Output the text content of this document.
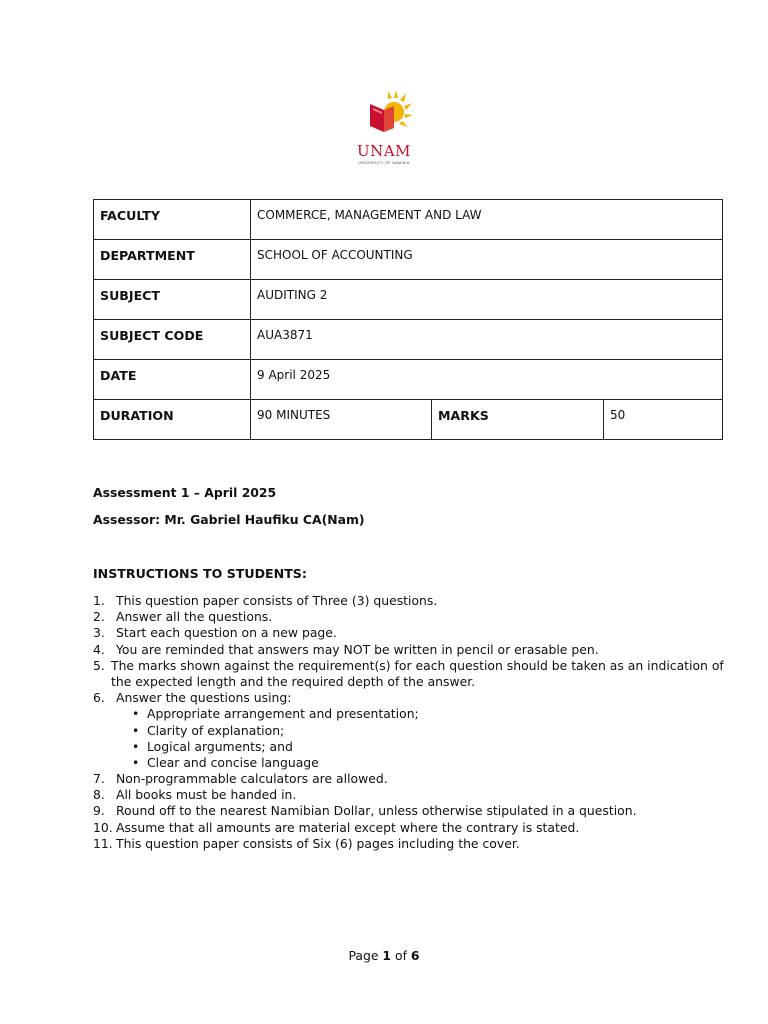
UNAM
UNIVERSITY OF NAMIBIA
FACULTY	COMMERCE, MANAGEMENT AND LAW		
DEPARTMENT	SCHOOL OF ACCOUNTING		
SUBJECT	AUDITING 2		
SUBJECT CODE	AUA3871		
DATE	9 April 2025		
DURATION	90 MINUTES	MARKS	50
Assessment 1 – April 2025
Assessor: Mr. Gabriel Haufiku CA(Nam)
INSTRUCTIONS TO STUDENTS:
1. This question paper consists of Three (3) questions.
2. Answer all the questions.
3. Start each question on a new page.
4. You are reminded that answers may NOT be written in pencil or erasable pen.
5. The marks shown against the requirement(s) for each question should be taken as an indication of
the expected length and the required depth of the answer.
6. Answer the questions using:
• Appropriate arrangement and presentation;
• Clarity of explanation;
• Logical arguments; and
• Clear and concise language
7. Non-programmable calculators are allowed.
8. All books must be handed in.
9. Round off to the nearest Namibian Dollar, unless otherwise stipulated in a question.
10. Assume that all amounts are material except where the contrary is stated.
11. This question paper consists of Six (6) pages including the cover.
Page 1 of 6
